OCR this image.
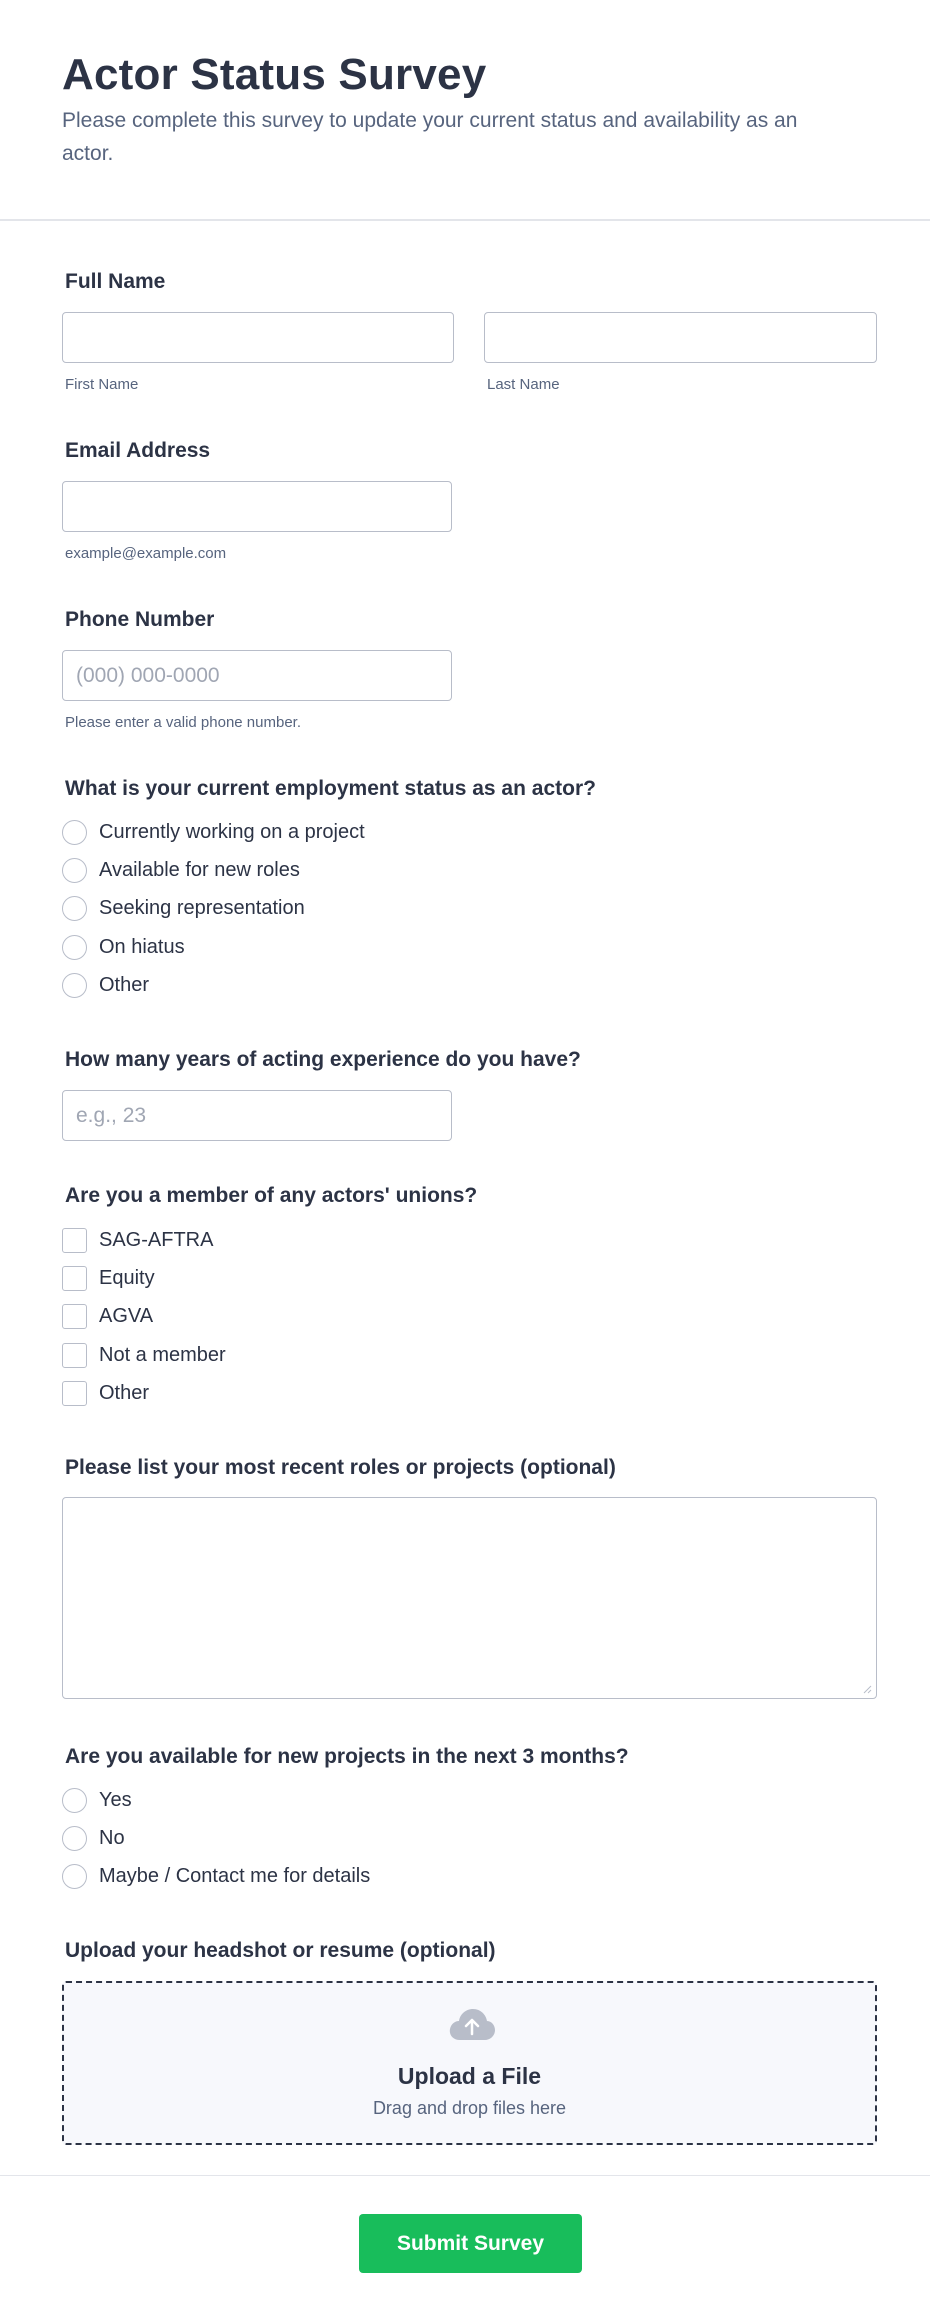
Actor Status Survey

Please complete this survey to update your current status and availability as an actor.

Full Name
First Name	Last Name
Email Address
example@example.com
Phone Number
(000) 000-0000
Please enter a valid phone number.
What is your current employment status as an actor?
Currently working on a project
Available for new roles
Seeking representation
On hiatus
Other
How many years of acting experience do you have?
e.g., 23
Are you a member of any actors' unions?
SAG-AFTRA
Equity
AGVA
Not a member
Other
Please list your most recent roles or projects (optional)
Are you available for new projects in the next 3 months?
Yes
No
Maybe / Contact me for details
Upload your headshot or resume (optional)
Upload a File
Drag and drop files here
Submit Survey
